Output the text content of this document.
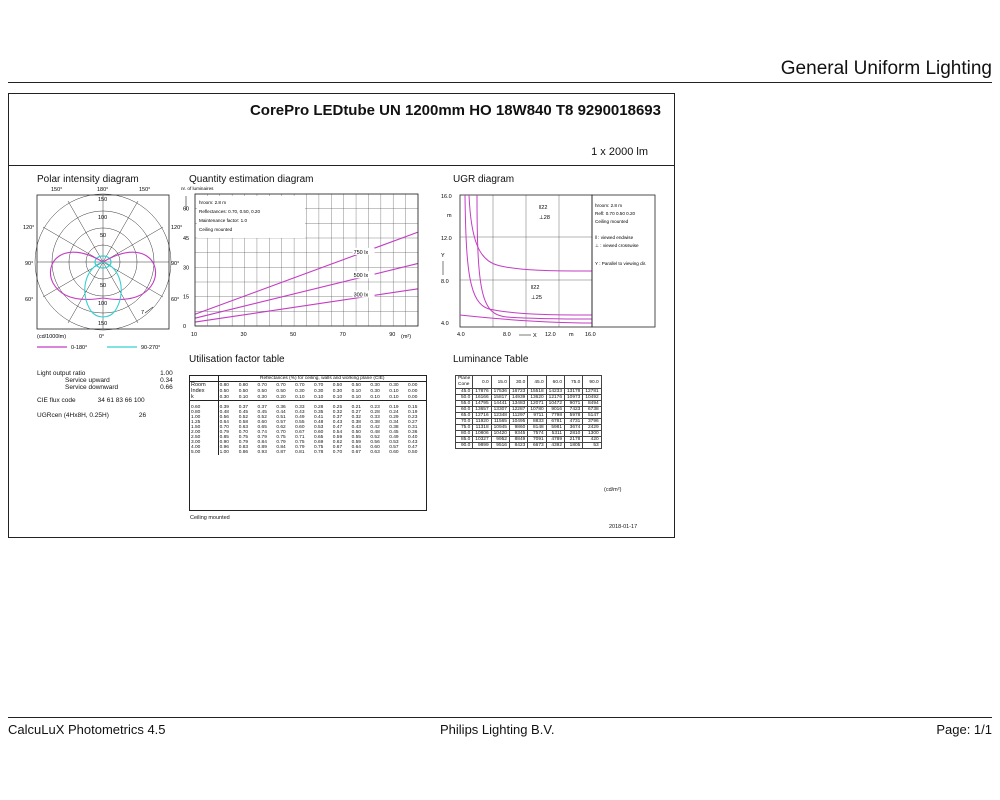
General Uniform Lighting
CorePro LEDtube UN 1200mm HO 18W840 T8 9290018693
1 x 2000 lm
Polar intensity diagram
150°	180°	150°
120°
90°
60°
120°
90°
60°
150
100
50
50
100
150
7
(cd/1000lm)	0°
0-180°	90-270°
Light output ratio	1.00
Service upward	0.34
Service downward	0.66
CIE flux code	34 61 83 66 100
UGRcen (4Hx8H, 0.25H)	26
Quantity estimation diagram
nr. of luminaires
750 lx
500 lx
300 lx
60
45
30
15
0
10	30	50	70	90
hroom: 2.8 m
Reflectances: 0.70, 0.50, 0.20
Maintenance factor: 1.0
Ceiling mounted
(m²)
UGR diagram
‖22
⊥28
‖22
⊥25
16.0
m
12.0
Y
8.0
4.0
4.0	8.0	X 12.0 m 16.0
hroom: 2.8 m
Refl: 0.70 0.50 0.20
Ceiling mounted
‖ : viewed endwise
⊥ : viewed crosswise
Y : Parallel to viewing dir.
Utilisation factor table
	Reflectances (%) for ceiling, walls and working plane (CIE)										
Room	0.80	0.80	0.70	0.70	0.70	0.70	0.50	0.50	0.30	0.30	0.00
Index	0.50	0.50	0.50	0.50	0.30	0.30	0.30	0.10	0.30	0.10	0.00
k	0.30	0.10	0.30	0.20	0.10	0.10	0.10	0.10	0.10	0.10	0.00

0.60	0.39	0.37	0.37	0.36	0.33	0.28	0.25	0.21	0.23	0.19	0.15
0.80	0.48	0.45	0.45	0.44	0.43	0.35	0.32	0.27	0.28	0.24	0.19
1.00	0.56	0.52	0.52	0.51	0.49	0.41	0.37	0.32	0.33	0.29	0.23
1.25	0.64	0.58	0.60	0.57	0.55	0.48	0.43	0.38	0.38	0.34	0.27
1.50	0.70	0.63	0.65	0.62	0.60	0.53	0.47	0.43	0.42	0.38	0.31
2.00	0.79	0.70	0.74	0.70	0.67	0.60	0.54	0.50	0.48	0.45	0.36
2.50	0.85	0.75	0.79	0.75	0.71	0.65	0.59	0.55	0.52	0.49	0.40
3.00	0.90	0.79	0.84	0.79	0.75	0.69	0.62	0.59	0.56	0.53	0.43
4.00	0.96	0.83	0.89	0.84	0.79	0.75	0.67	0.64	0.60	0.57	0.47
5.00	1.00	0.86	0.93	0.87	0.81	0.78	0.70	0.67	0.63	0.60	0.50
Ceiling mounted
Luminance Table
Plane
Cone	0.0	15.0	30.0	45.0	60.0	75.0	90.0
45.0	17876	17536	16723	15518	14233	13178	12781
50.0	16166	15817	14939	13620	12176	10973	10492
55.0	14795	14441	13483	12071	10472	9071	8494
60.0	13657	13307	12287	10780	9016	7423	6738
65.0	12716	12348	11297	9711	7798	5978	5147
70.0	11920	11565	10495	8833	6781	4731	3796
75.0	11318	10945	9860	8148	5981	3674	2429
80.0	10806	10420	9345	7574	5311	2810	1300
85.0	10327	9952	8849	7091	4789	2178	420
90.0	9899	9516	8423	6673	4392	1805	53
(cd/m²)
2018-01-17
CalcuLuX Photometrics 4.5	Philips Lighting B.V.	Page: 1/1
